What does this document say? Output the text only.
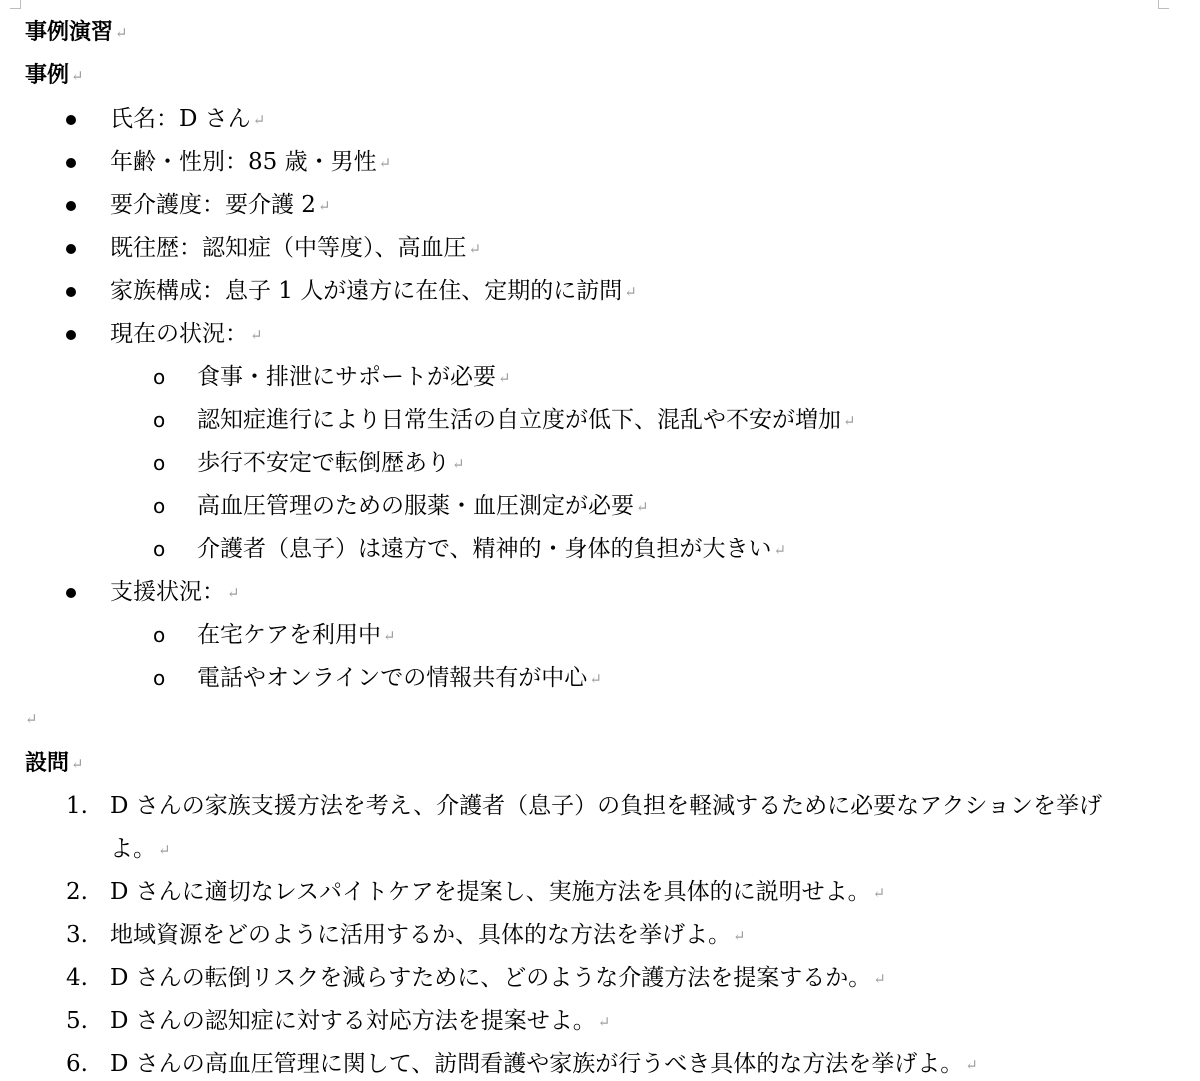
事例演習 ↵
事例 ↵
氏名：D さん ↵
年齢・性別：85 歳・男性 ↵
要介護度：要介護 2 ↵
既往歴：認知症（中等度）、高血圧 ↵
家族構成：息子 1 人が遠方に在住、定期的に訪問 ↵
現在の状況： ↵
o 食事・排泄にサポートが必要 ↵
o 認知症進行により日常生活の自立度が低下、混乱や不安が増加 ↵
o 歩行不安定で転倒歴あり ↵
o 高血圧管理のための服薬・血圧測定が必要 ↵
o 介護者（息子）は遠方で、精神的・身体的負担が大きい ↵
支援状況： ↵
o 在宅ケアを利用中 ↵
o 電話やオンラインでの情報共有が中心 ↵
↵
設問 ↵
1. D さんの家族支援方法を考え、介護者（息子）の負担を軽減するために必要なアクションを挙げ
よ。 ↵
2. D さんに適切なレスパイトケアを提案し、実施方法を具体的に説明せよ。 ↵
3. 地域資源をどのように活用するか、具体的な方法を挙げよ。 ↵
4. D さんの転倒リスクを減らすために、どのような介護方法を提案するか。 ↵
5. D さんの認知症に対する対応方法を提案せよ。 ↵
6. D さんの高血圧管理に関して、訪問看護や家族が行うべき具体的な方法を挙げよ。 ↵
